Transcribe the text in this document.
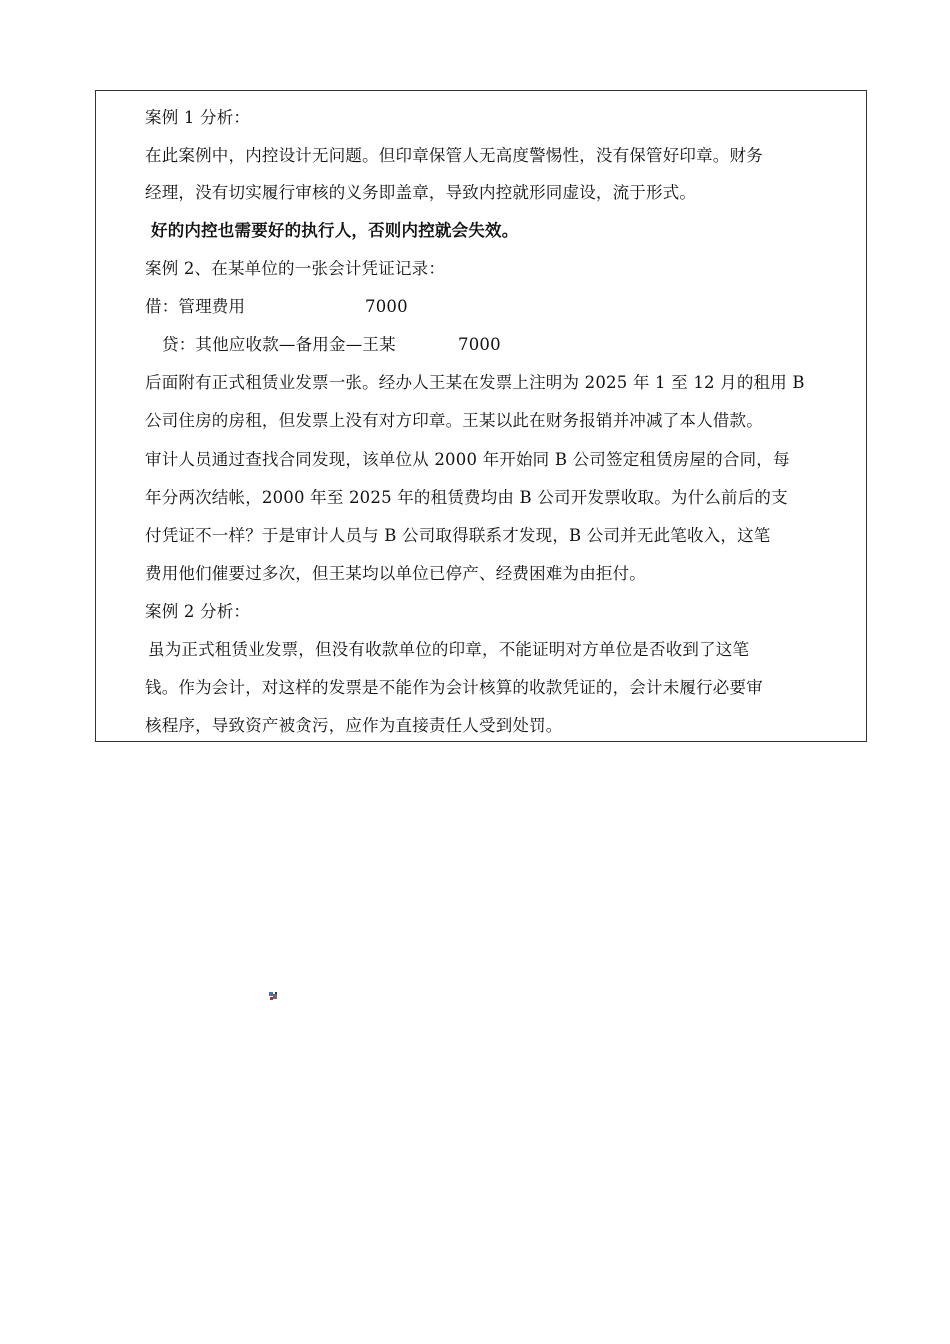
案例 1 分析：
在此案例中，内控设计无问题。但印章保管人无高度警惕性，没有保管好印章。财务
经理，没有切实履行审核的义务即盖章，导致内控就形同虚设，流于形式。
好的内控也需要好的执行人，否则内控就会失效。
案例 2、在某单位的一张会计凭证记录：
借：管理费用	7000
贷：其他应收款—备用金—王某	7000
后面附有正式租赁业发票一张。经办人王某在发票上注明为 2025 年 1 至 12 月的租用 B
公司住房的房租，但发票上没有对方印章。王某以此在财务报销并冲减了本人借款。
审计人员通过查找合同发现，该单位从 2000 年开始同 B 公司签定租赁房屋的合同，每
年分两次结帐，2000 年至 2025 年的租赁费均由 B 公司开发票收取。为什么前后的支
付凭证不一样？于是审计人员与 B 公司取得联系才发现，B 公司并无此笔收入，这笔
费用他们催要过多次，但王某均以单位已停产、经费困难为由拒付。
案例 2 分析：
虽为正式租赁业发票，但没有收款单位的印章，不能证明对方单位是否收到了这笔
钱。作为会计，对这样的发票是不能作为会计核算的收款凭证的，会计未履行必要审
核程序，导致资产被贪污，应作为直接责任人受到处罚。
